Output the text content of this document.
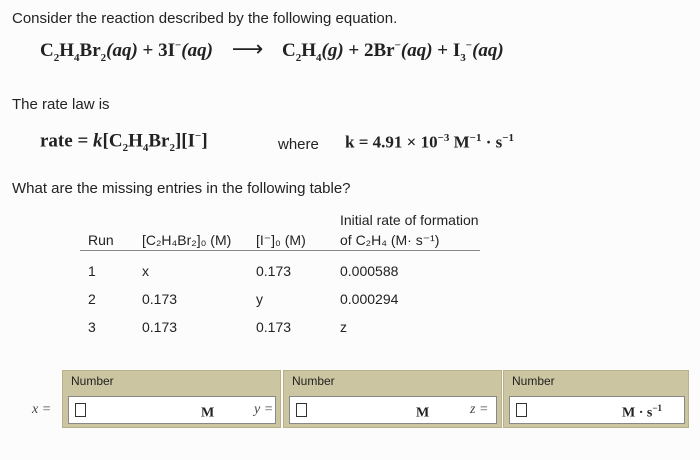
Consider the reaction described by the following equation.
$C_2H_4Br_2(aq) + 3I^-(aq)$ ⟶ $C_2H_4(g) + 2Br^-(aq) + I_3^-(aq)$
The rate law is
rate = $k[C_2H_4Br_2][I^-]$	where $k = 4.91 \times 10^{-3}$ $M^{-1} \cdot s^{-1}$
What are the missing entries in the following table?
Run [C₂H₄Br₂]₀ (M) [I⁻]₀ (M)
Initial rate of formation
of C₂H₄ (M· s⁻¹)
1	x	0.173	0.000588
2	0.173	y	0.000294
3	0.173	0.173	z
x =
Number
M	y =
Number
M	z =
Number
$M \cdot s^{-1}$
